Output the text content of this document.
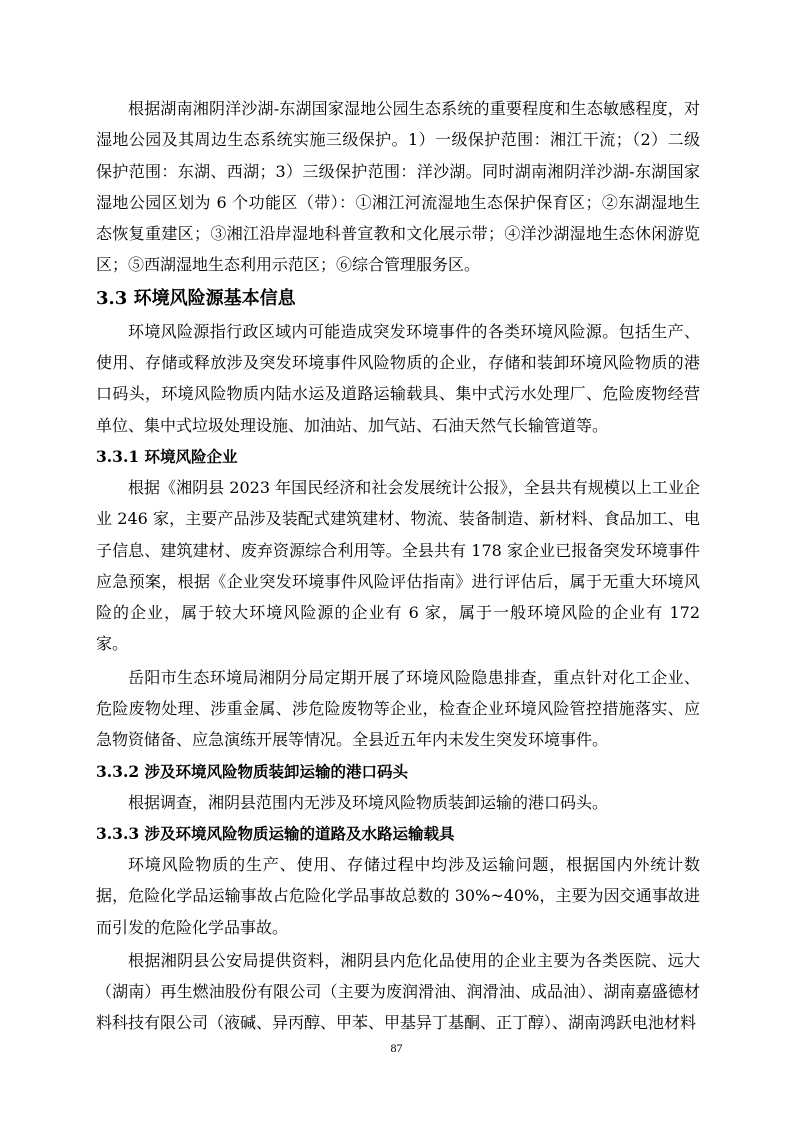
根据湖南湘阴洋沙湖-东湖国家湿地公园生态系统的重要程度和生态敏感程度，对湿地公园及其周边生态系统实施三级保护。1）一级保护范围：湘江干流；（2）二级保护范围：东湖、西湖；3）三级保护范围：洋沙湖。同时湖南湘阴洋沙湖-东湖国家湿地公园区划为 6 个功能区（带）：①湘江河流湿地生态保护保育区；②东湖湿地生态恢复重建区；③湘江沿岸湿地科普宣教和文化展示带；④洋沙湖湿地生态休闲游览区；⑤西湖湿地生态利用示范区；⑥综合管理服务区。

3.3 环境风险源基本信息

环境风险源指行政区域内可能造成突发环境事件的各类环境风险源。包括生产、使用、存储或释放涉及突发环境事件风险物质的企业，存储和装卸环境风险物质的港口码头，环境风险物质内陆水运及道路运输载具、集中式污水处理厂、危险废物经营单位、集中式垃圾处理设施、加油站、加气站、石油天然气长输管道等。

3.3.1 环境风险企业

根据《湘阴县 2023 年国民经济和社会发展统计公报》，全县共有规模以上工业企业 246 家，主要产品涉及装配式建筑建材、物流、装备制造、新材料、食品加工、电子信息、建筑建材、废弃资源综合利用等。全县共有 178 家企业已报备突发环境事件应急预案，根据《企业突发环境事件风险评估指南》进行评估后，属于无重大环境风险的企业，属于较大环境风险源的企业有 6 家，属于一般环境风险的企业有 172 家。

岳阳市生态环境局湘阴分局定期开展了环境风险隐患排查，重点针对化工企业、危险废物处理、涉重金属、涉危险废物等企业，检查企业环境风险管控措施落实、应急物资储备、应急演练开展等情况。全县近五年内未发生突发环境事件。

3.3.2 涉及环境风险物质装卸运输的港口码头

根据调查，湘阴县范围内无涉及环境风险物质装卸运输的港口码头。

3.3.3 涉及环境风险物质运输的道路及水路运输载具

环境风险物质的生产、使用、存储过程中均涉及运输问题，根据国内外统计数据，危险化学品运输事故占危险化学品事故总数的 30%~40%，主要为因交通事故进而引发的危险化学品事故。

根据湘阴县公安局提供资料，湘阴县内危化品使用的企业主要为各类医院、远大（湖南）再生燃油股份有限公司（主要为废润滑油、润滑油、成品油）、湖南嘉盛德材料科技有限公司（液碱、异丙醇、甲苯、甲基异丁基酮、正丁醇）、湖南鸿跃电池材料

87
